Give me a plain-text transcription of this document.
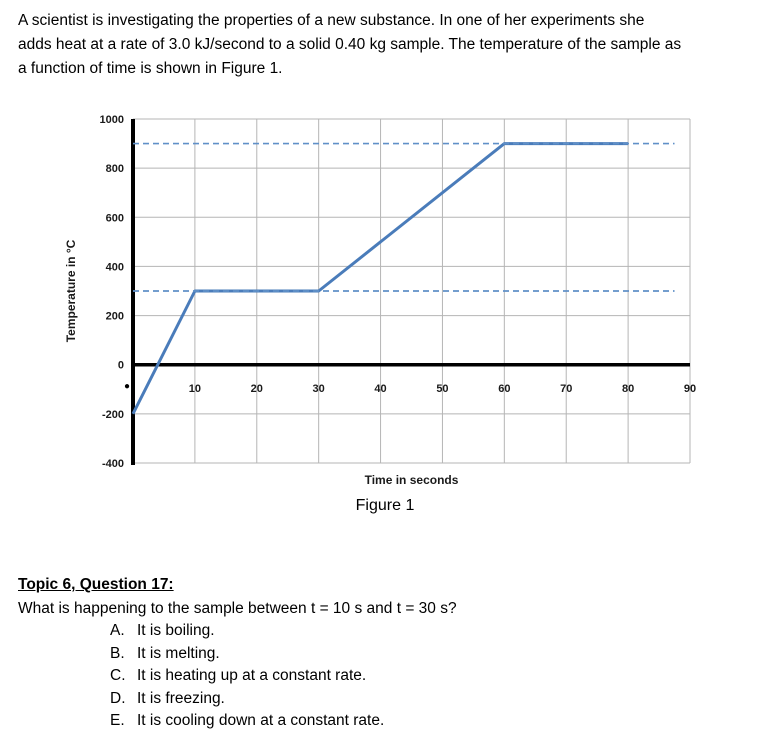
A scientist is investigating the properties of a new substance. In one of her experiments she
adds heat at a rate of 3.0 kJ/second to a solid 0.40 kg sample. The temperature of the sample as
a function of time is shown in Figure 1.
1000
800
600
400
200
0
-200
-400
●	10	20	30	40	50	60	70	80	90
Temperature in °C
Time in seconds
Figure 1
Topic 6, Question 17:
What is happening to the sample between t = 10 s and t = 30 s?
A. It is boiling.
B. It is melting.
C. It is heating up at a constant rate.
D. It is freezing.
E. It is cooling down at a constant rate.
